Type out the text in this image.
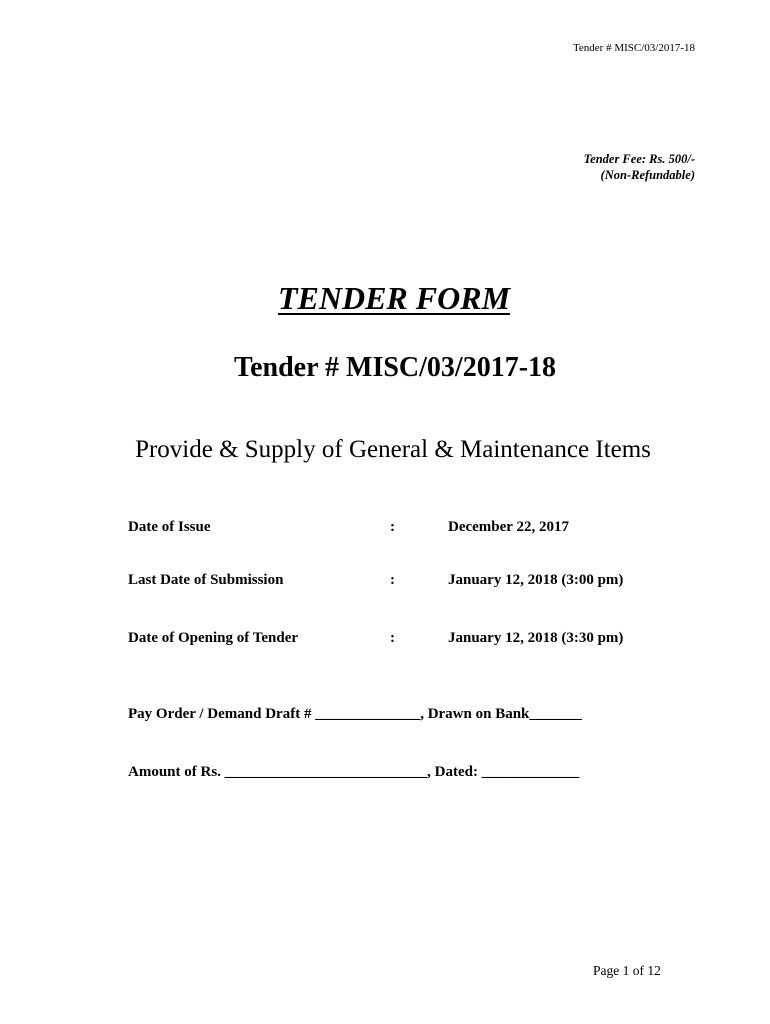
Tender # MISC/03/2017-18
Tender Fee: Rs. 500/-
(Non-Refundable)
TENDER FORM
Tender # MISC/03/2017-18
Provide & Supply of General & Maintenance Items
Date of Issue	:	December 22, 2017
Last Date of Submission	:	January 12, 2018 (3:00 pm)
Date of Opening of Tender	:	January 12, 2018 (3:30 pm)
Pay Order / Demand Draft # ______________, Drawn on Bank_______
Amount of Rs. ___________________________, Dated: _____________
Page 1 of 12
